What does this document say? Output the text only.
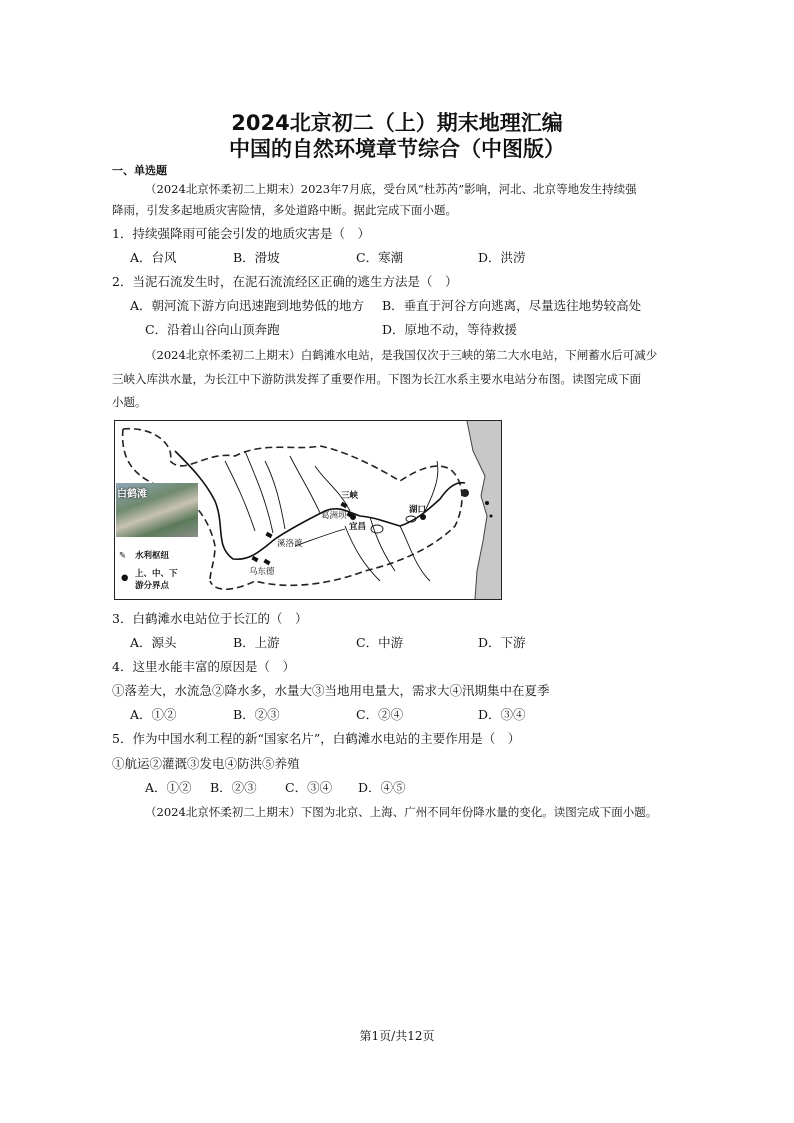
2024北京初二（上）期末地理汇编
中国的自然环境章节综合（中图版）
一、单选题
（2024北京怀柔初二上期末）2023年7月底，受台风“杜苏芮”影响，河北、北京等地发生持续强
降雨，引发多起地质灾害险情，多处道路中断。据此完成下面小题。
1．持续强降雨可能会引发的地质灾害是（　）
A．台风	B．滑坡	C．寒潮	D．洪涝
2．当泥石流发生时，在泥石流流经区正确的逃生方法是（　）
A．朝河流下游方向迅速跑到地势低的地方 B．垂直于河谷方向逃离，尽量选往地势较高处
C．沿着山谷向山顶奔跑	D．原地不动，等待救援
（2024北京怀柔初二上期末）白鹤滩水电站，是我国仅次于三峡的第二大水电站，下闸蓄水后可减少
三峡入库洪水量，为长江中下游防洪发挥了重要作用。下图为长江水系主要水电站分布图。读图完成下面
小题。
白鹤滩
✎ 水利枢纽
● 上、中、下
游分界点
三峡
葛洲坝
宜昌
湖口
溪洛渡
乌东德
3．白鹤滩水电站位于长江的（　）
A．源头	B．上游	C．中游	D．下游
4．这里水能丰富的原因是（　）
①落差大，水流急②降水多，水量大③当地用电量大，需求大④汛期集中在夏季
A．①②	B．②③	C．②④	D．③④
5．作为中国水利工程的新“国家名片”，白鹤滩水电站的主要作用是（　）
①航运②灌溉③发电④防洪⑤养殖
A．①② B．②③ C．③④ D．④⑤
（2024北京怀柔初二上期末）下图为北京、上海、广州不同年份降水量的变化。读图完成下面小题。
第1页/共12页
